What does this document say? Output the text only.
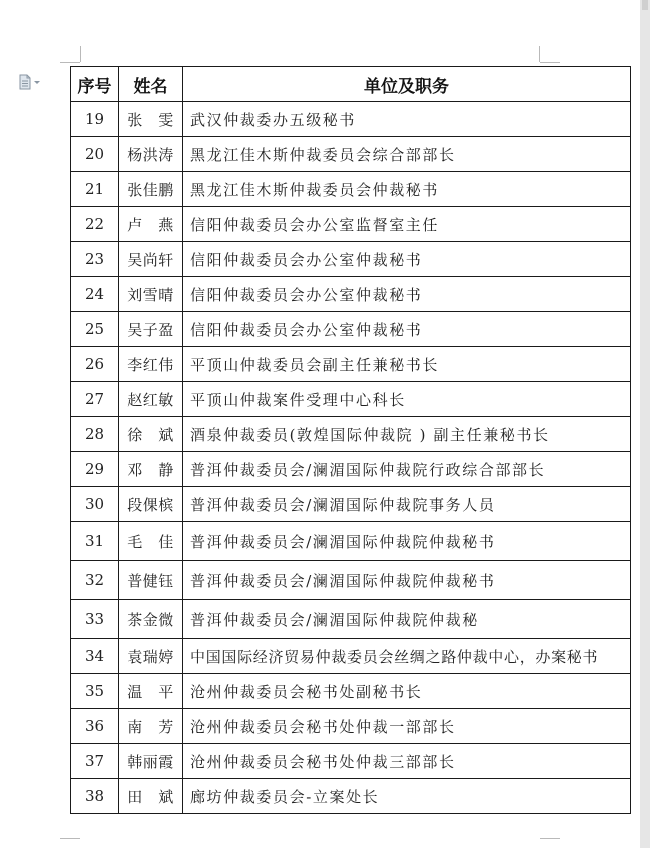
序号	姓名	单位及职务
19	张　雯	武汉仲裁委办五级秘书
20	杨洪涛	黑龙江佳木斯仲裁委员会综合部部长
21	张佳鹏	黑龙江佳木斯仲裁委员会仲裁秘书
22	卢　燕	信阳仲裁委员会办公室监督室主任
23	吴尚轩	信阳仲裁委员会办公室仲裁秘书
24	刘雪晴	信阳仲裁委员会办公室仲裁秘书
25	吴子盈	信阳仲裁委员会办公室仲裁秘书
26	李红伟	平顶山仲裁委员会副主任兼秘书长
27	赵红敏	平顶山仲裁案件受理中心科长
28	徐　斌	酒泉仲裁委员(敦煌国际仲裁院 ) 副主任兼秘书长
29	邓　静	普洱仲裁委员会/澜湄国际仲裁院行政综合部部长
30	段倮槟	普洱仲裁委员会/澜湄国际仲裁院事务人员
31	毛　佳	普洱仲裁委员会/澜湄国际仲裁院仲裁秘书
32	普健钰	普洱仲裁委员会/澜湄国际仲裁院仲裁秘书
33	茶金微	普洱仲裁委员会/澜湄国际仲裁院仲裁秘
34	袁瑞婷	中国国际经济贸易仲裁委员会丝绸之路仲裁中心，办案秘书
35	温　平	沧州仲裁委员会秘书处副秘书长
36	南　芳	沧州仲裁委员会秘书处仲裁一部部长
37	韩丽霞	沧州仲裁委员会秘书处仲裁三部部长
38	田　斌	廊坊仲裁委员会-立案处长
